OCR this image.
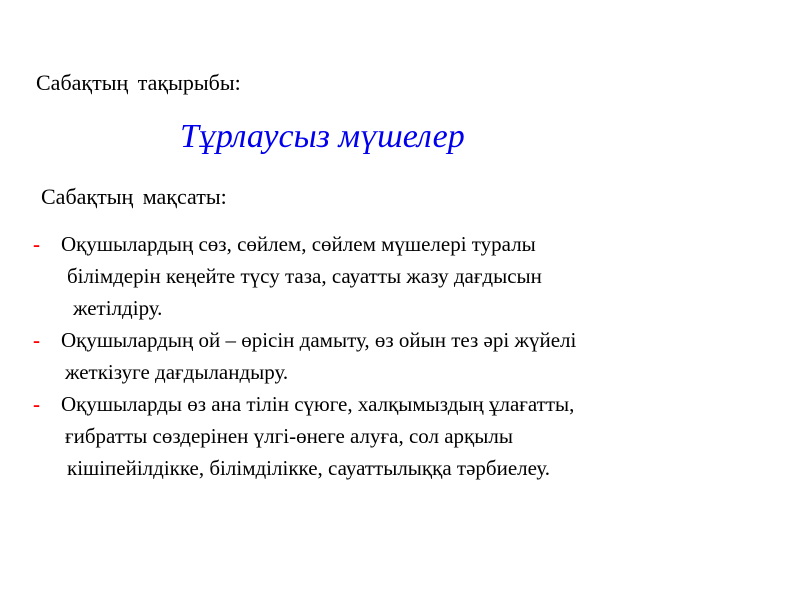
Сабақтың тақырыбы:
Тұрлаусыз мүшелер
Сабақтың мақсаты:
-	Оқушылардың сөз, сөйлем, сөйлем мүшелері туралы
білімдерін кеңейте түсу таза, сауатты жазу дағдысын
жетілдіру.
-	Оқушылардың ой – өрісін дамыту, өз ойын тез әрі жүйелі
жеткізуге дағдыландыру.
-	Оқушыларды өз ана тілін сүюге, халқымыздың ұлағатты,
ғибратты сөздерінен үлгі-өнеге алуға, сол арқылы
кішіпейілдікке, білімділікке, сауаттылыққа тәрбиелеу.
